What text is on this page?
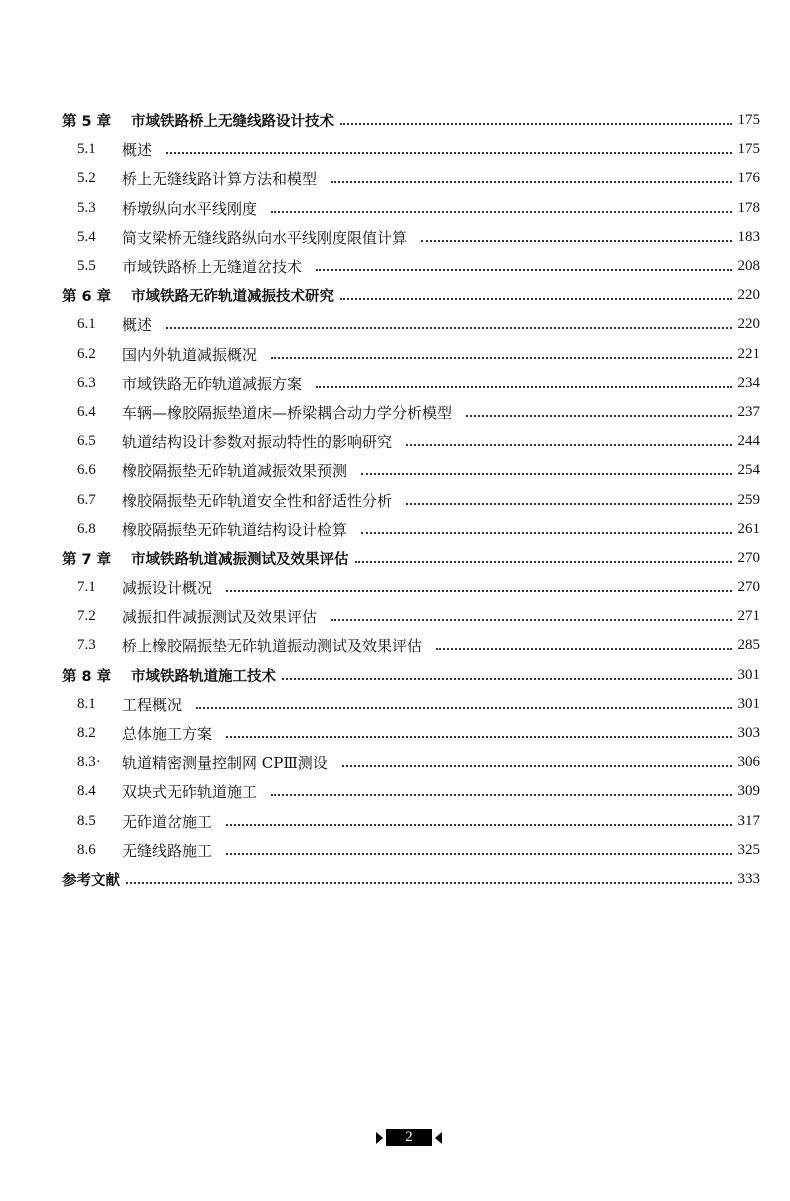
第 5 章	市域铁路桥上无缝线路设计技术	175
5.1	概述	175
5.2	桥上无缝线路计算方法和模型	176
5.3	桥墩纵向水平线刚度	178
5.4	简支梁桥无缝线路纵向水平线刚度限值计算	183
5.5	市域铁路桥上无缝道岔技术	208
第 6 章	市域铁路无砟轨道减振技术研究	220
6.1	概述	220
6.2	国内外轨道减振概况	221
6.3	市域铁路无砟轨道减振方案	234
6.4	车辆—橡胶隔振垫道床—桥梁耦合动力学分析模型	237
6.5	轨道结构设计参数对振动特性的影响研究	244
6.6	橡胶隔振垫无砟轨道减振效果预测	254
6.7	橡胶隔振垫无砟轨道安全性和舒适性分析	259
6.8	橡胶隔振垫无砟轨道结构设计检算	261
第 7 章	市域铁路轨道减振测试及效果评估	270
7.1	减振设计概况	270
7.2	减振扣件减振测试及效果评估	271
7.3	桥上橡胶隔振垫无砟轨道振动测试及效果评估	285
第 8 章	市域铁路轨道施工技术	301
8.1	工程概况	301
8.2	总体施工方案	303
8.3·	轨道精密测量控制网 CPⅢ测设	306
8.4	双块式无砟轨道施工	309
8.5	无砟道岔施工	317
8.6	无缝线路施工	325
参考文献	333
2
